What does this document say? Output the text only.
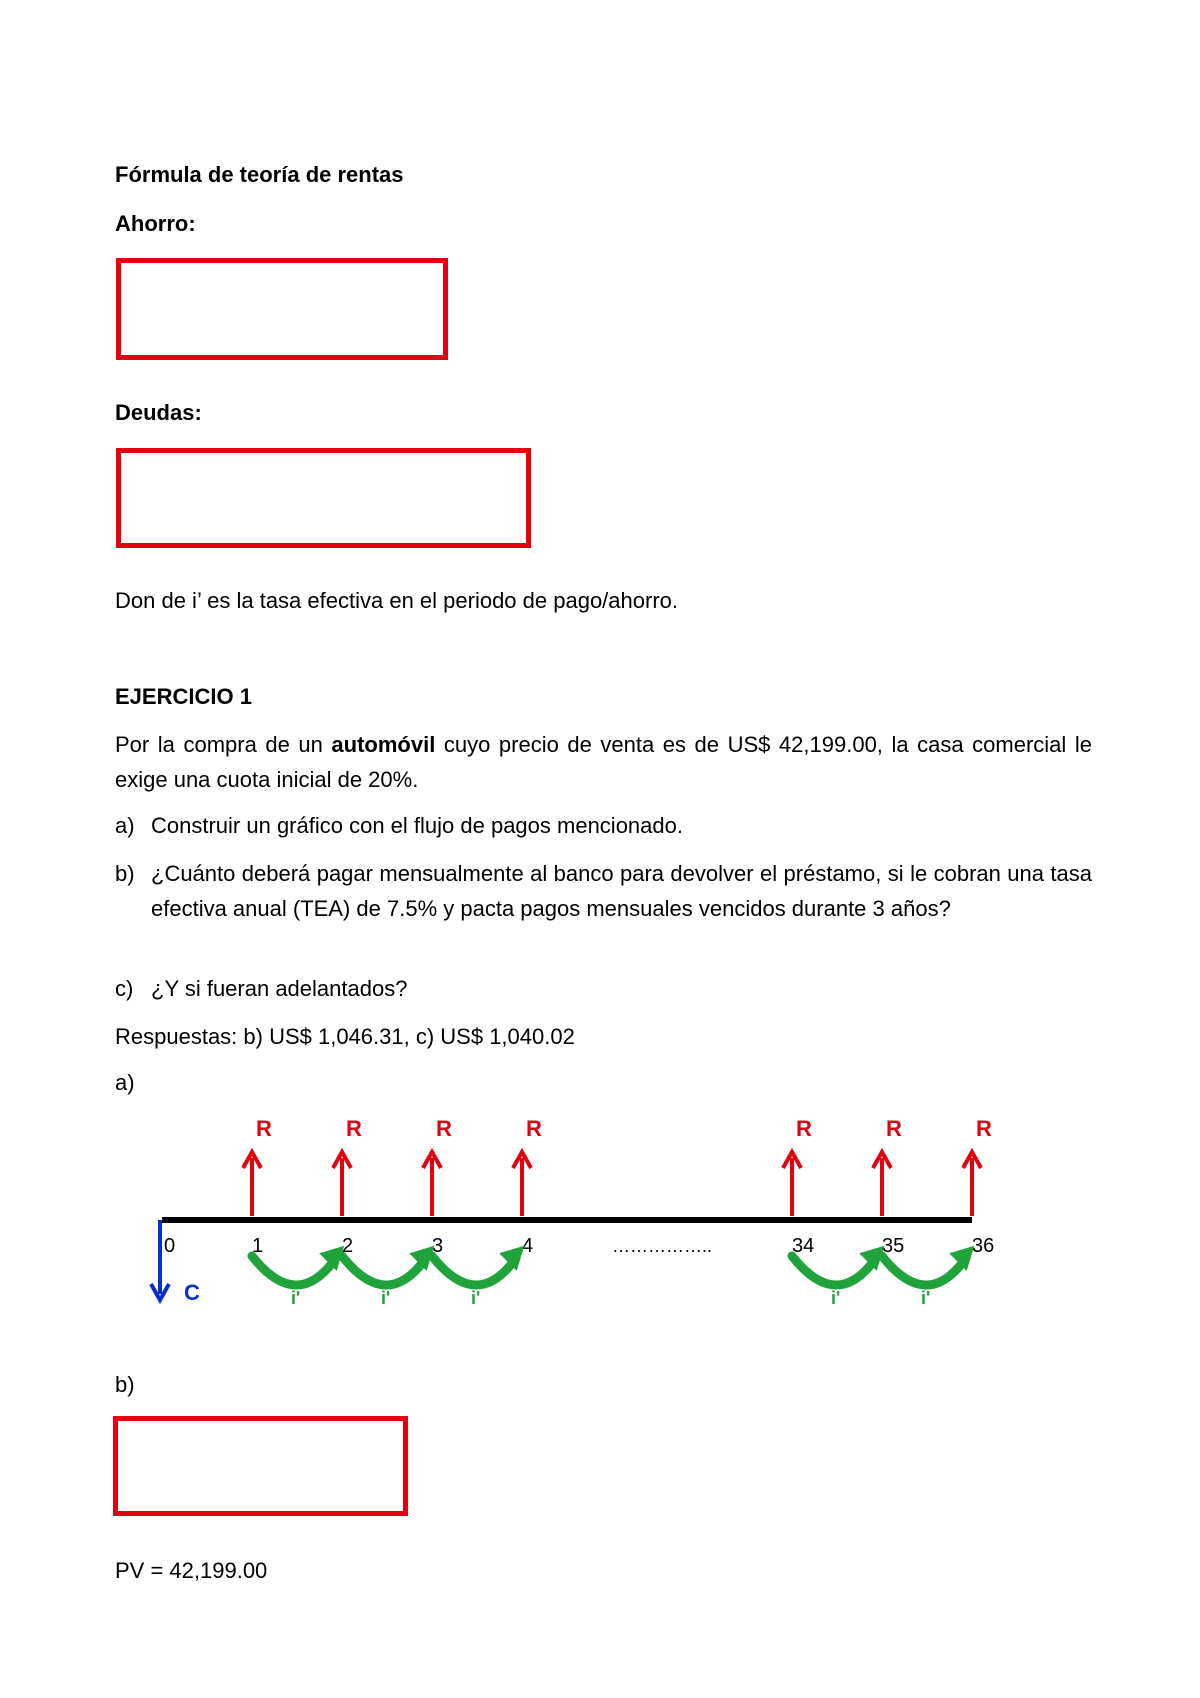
Fórmula de teoría de rentas

Ahorro:

Deudas:

Don de i’ es la tasa efectiva en el periodo de pago/ahorro.

EJERCICIO 1

Por la compra de un automóvil cuyo precio de venta es de US$ 42,199.00, la casa comercial le exige una cuota inicial de 20%.

a) Construir un gráfico con el flujo de pagos mencionado.
b) ¿Cuánto deberá pagar mensualmente al banco para devolver el préstamo, si le cobran una tasa efectiva anual (TEA) de 7.5% y pacta pagos mensuales vencidos durante 3 años?
c) ¿Y si fueran adelantados?

Respuestas: b) US$ 1,046.31, c) US$ 1,040.02

a)

0	1	2	3	4	34	35	36
……………..
R	R	R	R	R	R	R
C	i'	i'	i'	i'	i'

b)

PV = 42,199.00
